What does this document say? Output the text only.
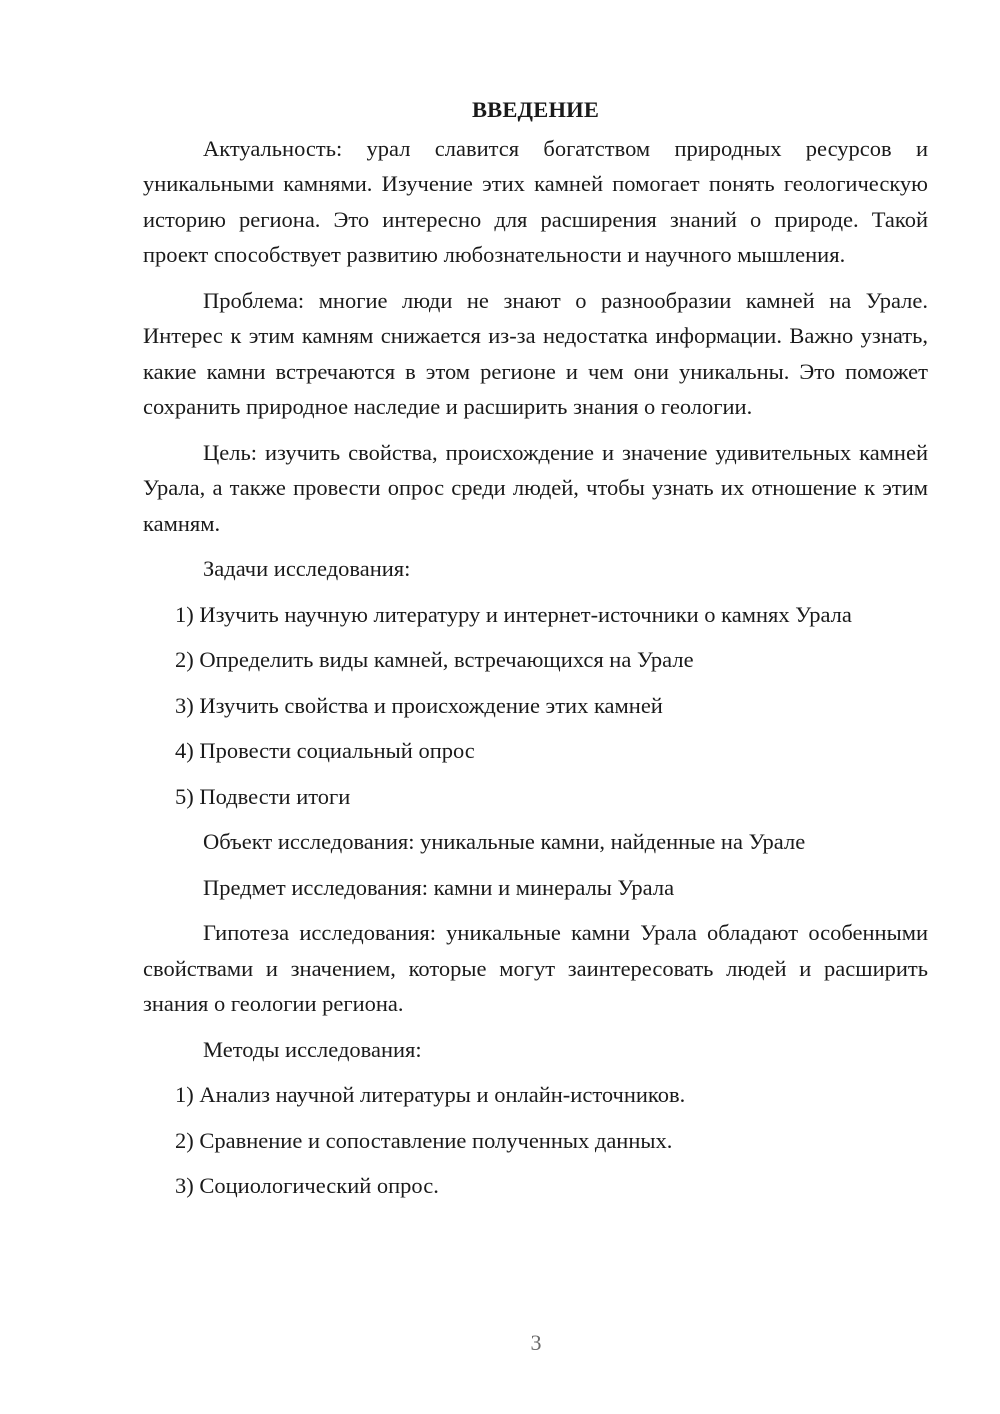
ВВЕДЕНИЕ

Актуальность: урал славится богатством природных ресурсов и уникальными камнями. Изучение этих камней помогает понять геологическую историю региона. Это интересно для расширения знаний о природе. Такой проект способствует развитию любознательности и научного мышления.

Проблема: многие люди не знают о разнообразии камней на Урале. Интерес к этим камням снижается из-за недостатка информации. Важно узнать, какие камни встречаются в этом регионе и чем они уникальны. Это поможет сохранить природное наследие и расширить знания о геологии.

Цель: изучить свойства, происхождение и значение удивительных камней Урала, а также провести опрос среди людей, чтобы узнать их отношение к этим камням.

Задачи исследования:
1) Изучить научную литературу и интернет-источники о камнях Урала
2) Определить виды камней, встречающихся на Урале
3) Изучить свойства и происхождение этих камней
4) Провести социальный опрос
5) Подвести итоги
Объект исследования: уникальные камни, найденные на Урале
Предмет исследования: камни и минералы Урала

Гипотеза исследования: уникальные камни Урала обладают особенными свойствами и значением, которые могут заинтересовать людей и расширить знания о геологии региона.

Методы исследования:
1) Анализ научной литературы и онлайн-источников.
2) Сравнение и сопоставление полученных данных.
3) Социологический опрос.
3
